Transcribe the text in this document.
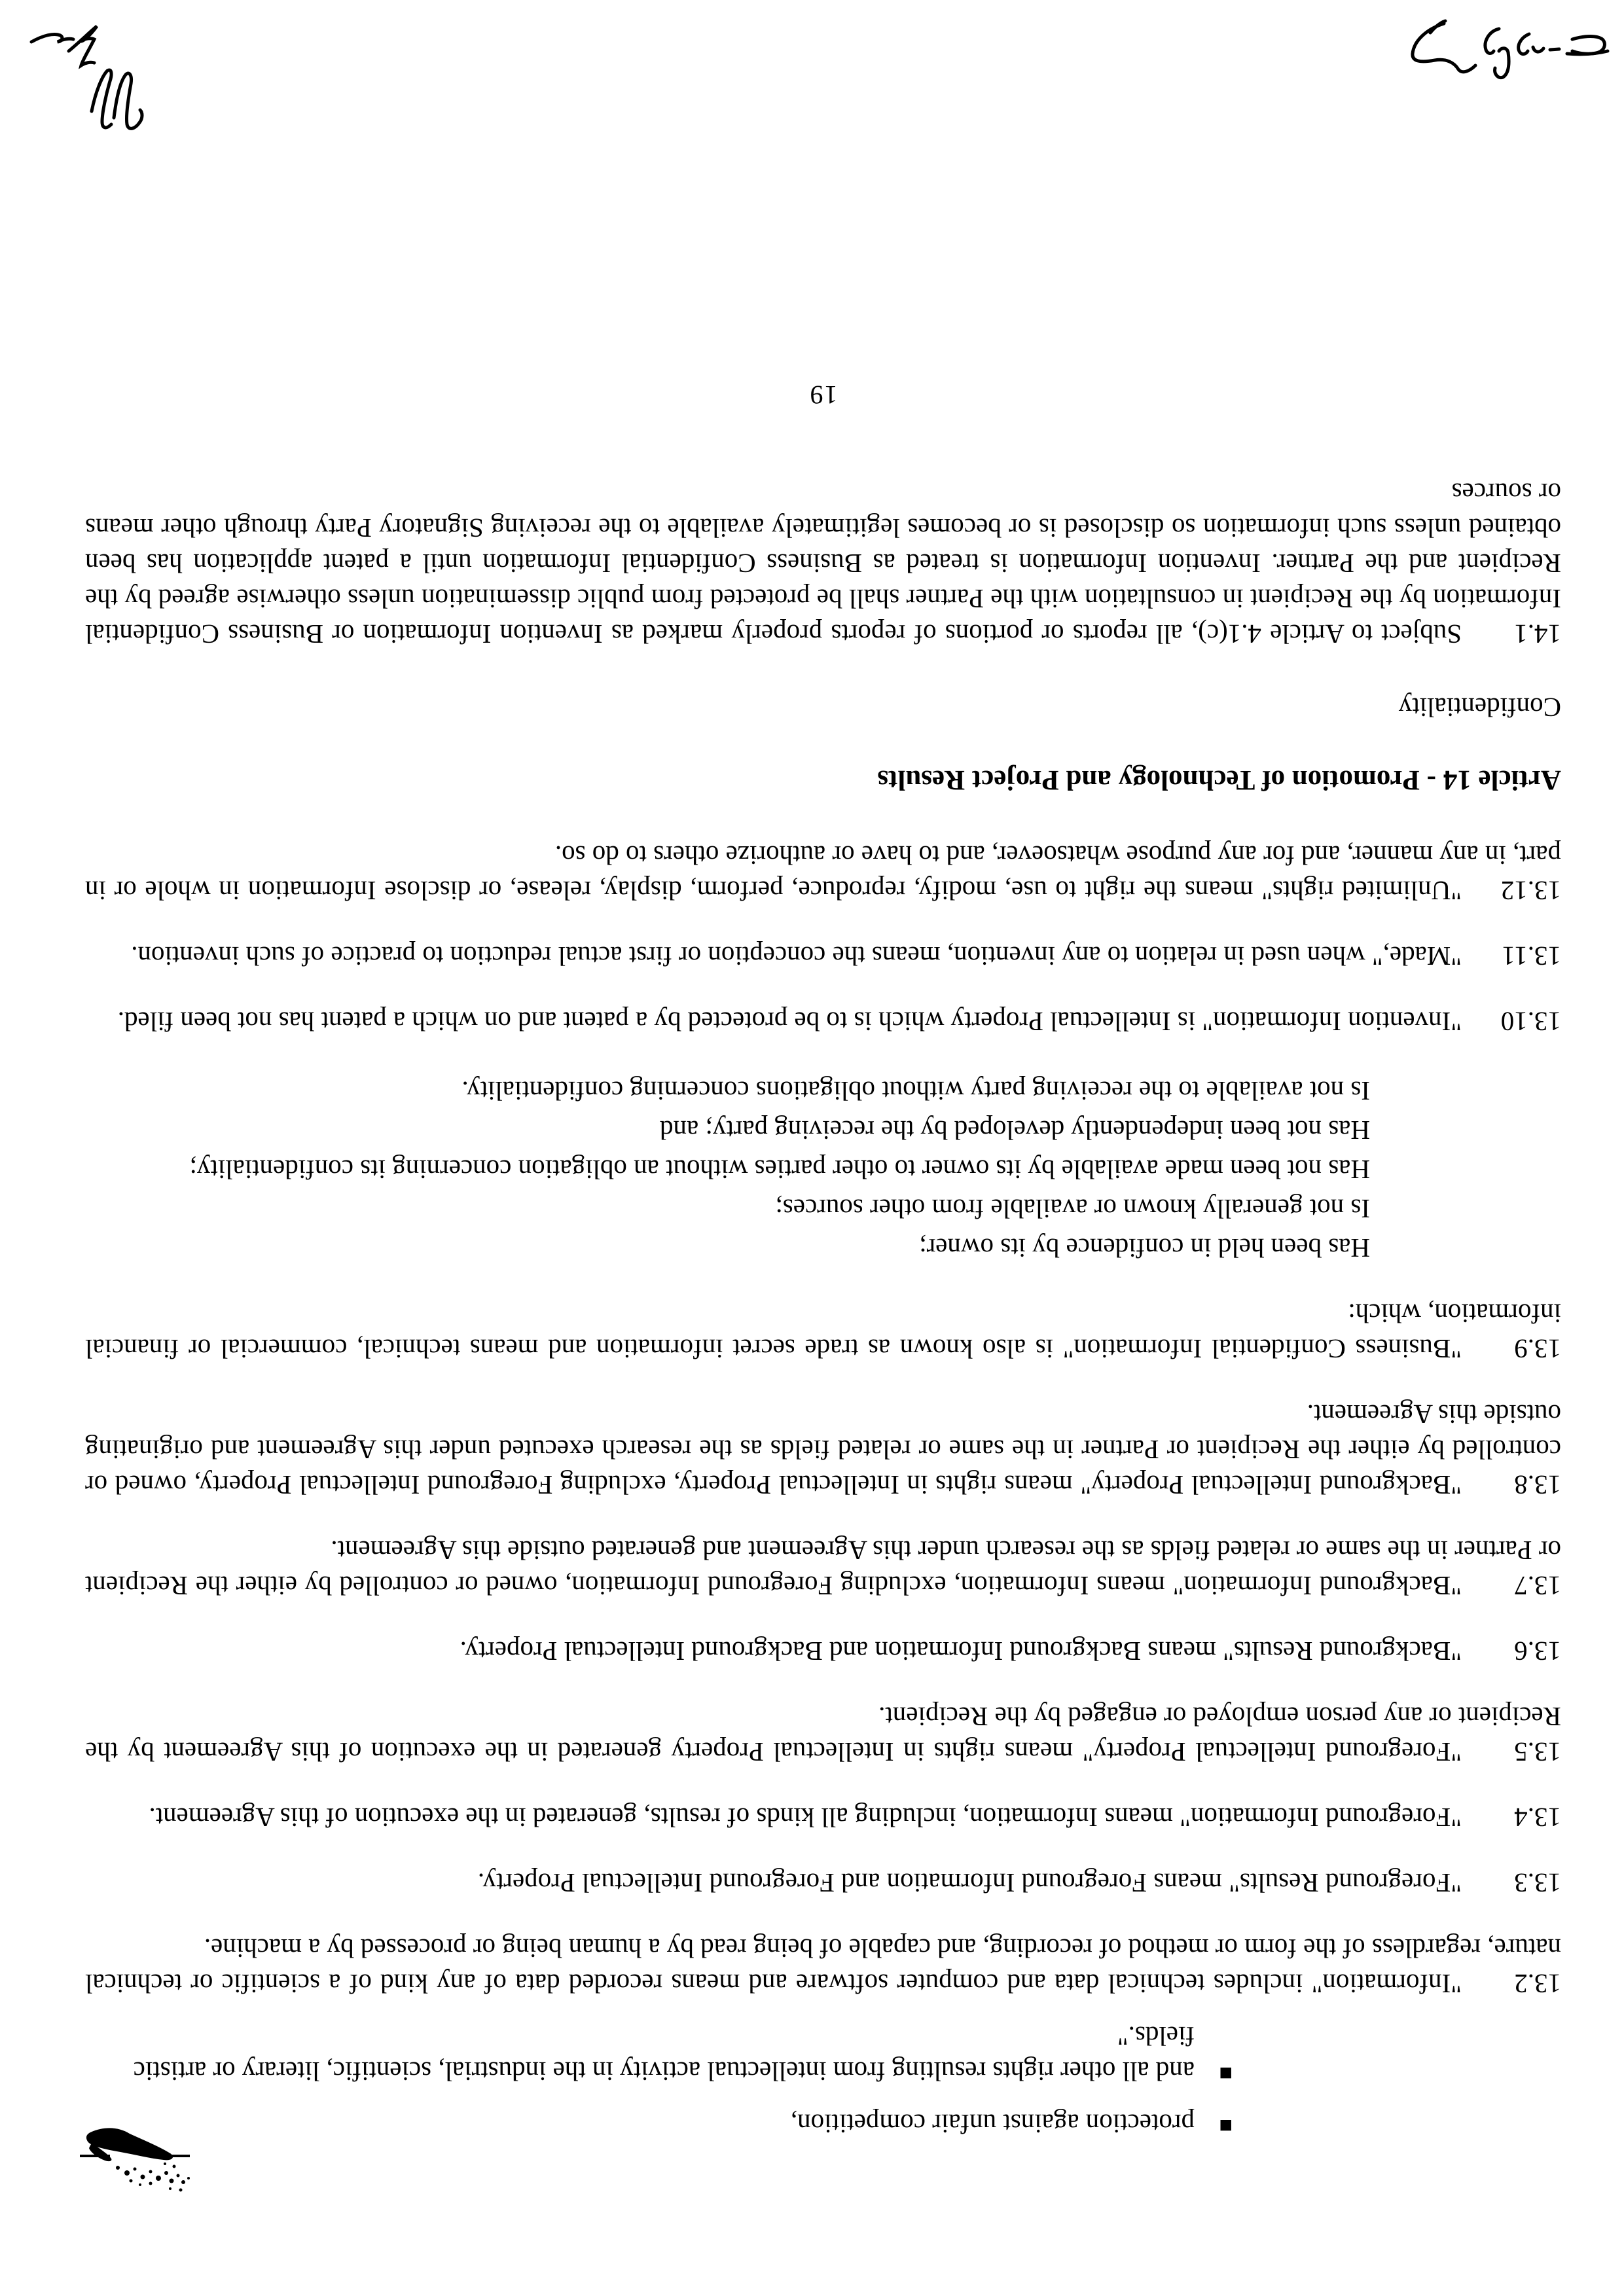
■
protection against unfair competition,
■
and all other rights resulting from intellectual activity in the industrial, scientific, literary or artistic fields."

13.2"Information" includes technical data and computer software and means recorded data of any kind of a scientific or technical nature, regardless of the form or method of recording, and capable of being read by a human being or processed by a machine.

13.3"Foreground Results" means Foreground Information and Foreground Intellectual Property.

13.4"Foreground Information" means Information, including all kinds of results, generated in the execution of this Agreement.

13.5"Foreground Intellectual Property" means rights in Intellectual Property generated in the execution of this Agreement by the Recipient or any person employed or engaged by the Recipient.

13.6"Background Results" means Background Information and Background Intellectual Property.

13.7"Background Information" means Information, excluding Foreground Information, owned or controlled by either the Recipient or Partner in the same or related fields as the research under this Agreement and generated outside this Agreement.

13.8"Background Intellectual Property" means rights in Intellectual Property, excluding Foreground Intellectual Property, owned or controlled by either the Recipient or Partner in the same or related fields as the research executed under this Agreement and originating outside this Agreement.

13.9"Business Confidential Information" is also known as trade secret information and means technical, commercial or financial information, which:

Has been held in confidence by its owner;
Is not generally known or available from other sources;
Has not been made available by its owner to other parties without an obligation concerning its confidentiality;
Has not been independently developed by the receiving party; and
Is not available to the receiving party without obligations concerning confidentiality.

13.10"Invention Information" is Intellectual Property which is to be protected by a patent and on which a patent has not been filed.

13.11"Made," when used in relation to any invention, means the conception or first actual reduction to practice of such invention.

13.12"Unlimited rights" means the right to use, modify, reproduce, perform, display, release, or disclose Information in whole or in part, in any manner, and for any purpose whatsoever, and to have or authorize others to do so.

Article 14 - Promotion of Technology and Project Results
Confidentiality

14.1Subject to Article 4.1(c), all reports or portions of reports properly marked as Invention Information or Business Confidential Information by the Recipient in consultation with the Partner shall be protected from public dissemination unless otherwise agreed by the Recipient and the Partner. Invention Information is treated as Business Confidential Information until a patent application has been obtained unless such information so disclosed is or becomes legitimately available to the receiving Signatory Party through other means or sources

19
